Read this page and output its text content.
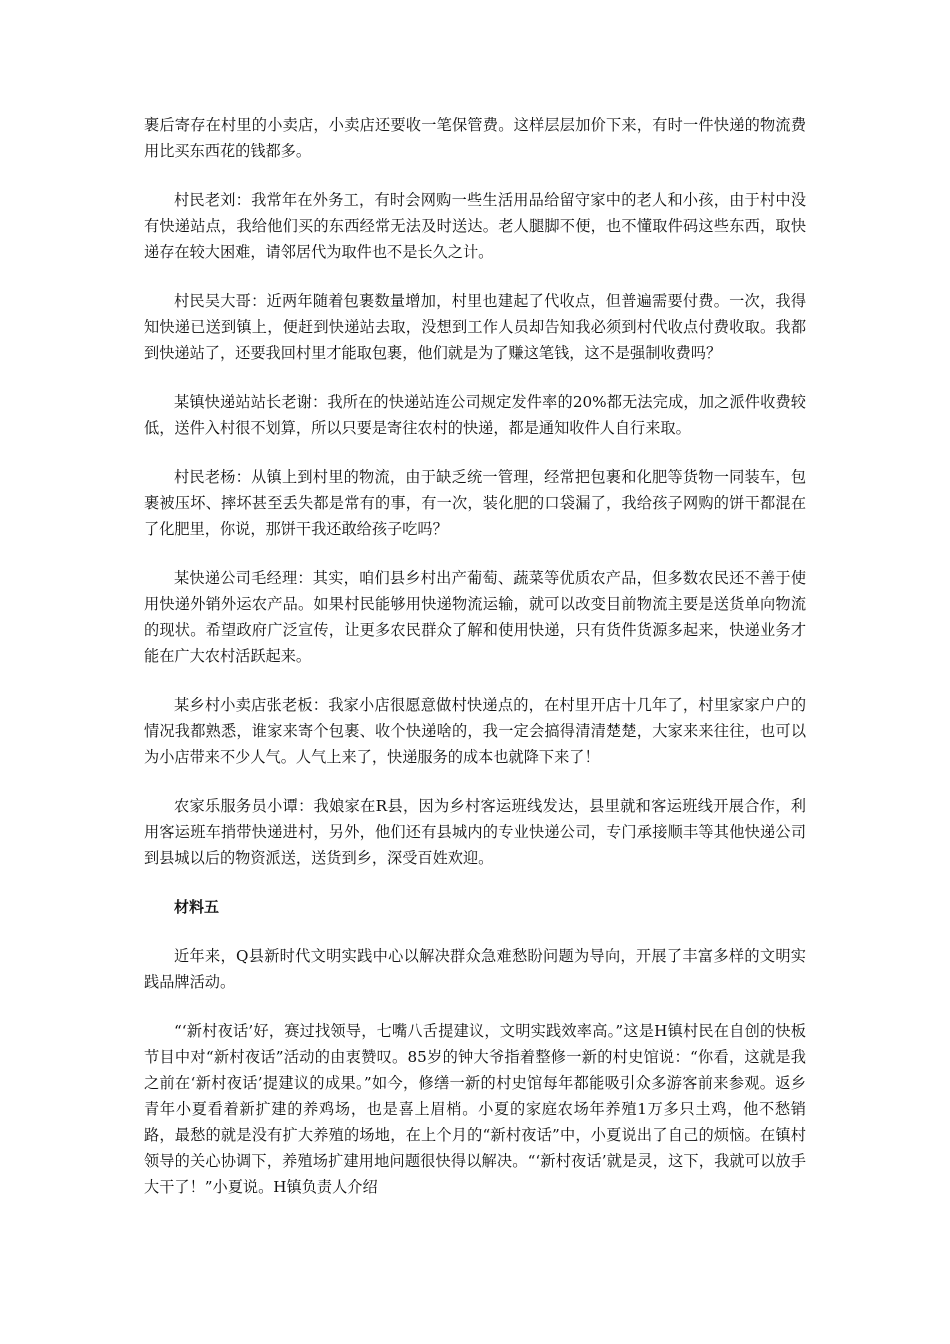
裹后寄存在村里的小卖店，小卖店还要收一笔保管费。这样层层加价下来，有时一件快递的物流费用比买东西花的钱都多。

村民老刘：我常年在外务工，有时会网购一些生活用品给留守家中的老人和小孩，由于村中没有快递站点，我给他们买的东西经常无法及时送达。老人腿脚不便，也不懂取件码这些东西，取快递存在较大困难，请邻居代为取件也不是长久之计。

村民吴大哥：近两年随着包裹数量增加，村里也建起了代收点，但普遍需要付费。一次，我得知快递已送到镇上，便赶到快递站去取，没想到工作人员却告知我必须到村代收点付费收取。我都到快递站了，还要我回村里才能取包裹，他们就是为了赚这笔钱，这不是强制收费吗？

某镇快递站站长老谢：我所在的快递站连公司规定发件率的20%都无法完成，加之派件收费较低，送件入村很不划算，所以只要是寄往农村的快递，都是通知收件人自行来取。

村民老杨：从镇上到村里的物流，由于缺乏统一管理，经常把包裹和化肥等货物一同装车，包裹被压坏、摔坏甚至丢失都是常有的事，有一次，装化肥的口袋漏了，我给孩子网购的饼干都混在了化肥里，你说，那饼干我还敢给孩子吃吗？

某快递公司毛经理：其实，咱们县乡村出产葡萄、蔬菜等优质农产品，但多数农民还不善于使用快递外销外运农产品。如果村民能够用快递物流运输，就可以改变目前物流主要是送货单向物流的现状。希望政府广泛宣传，让更多农民群众了解和使用快递，只有货件货源多起来，快递业务才能在广大农村活跃起来。

某乡村小卖店张老板：我家小店很愿意做村快递点的，在村里开店十几年了，村里家家户户的情况我都熟悉，谁家来寄个包裹、收个快递啥的，我一定会搞得清清楚楚，大家来来往往，也可以为小店带来不少人气。人气上来了，快递服务的成本也就降下来了！

农家乐服务员小谭：我娘家在R县，因为乡村客运班线发达，县里就和客运班线开展合作，利用客运班车捎带快递进村，另外，他们还有县城内的专业快递公司，专门承接顺丰等其他快递公司到县城以后的物资派送，送货到乡，深受百姓欢迎。

材料五

近年来，Q县新时代文明实践中心以解决群众急难愁盼问题为导向，开展了丰富多样的文明实践品牌活动。

“‘新村夜话’好，赛过找领导，七嘴八舌提建议，文明实践效率高。”这是H镇村民在自创的快板节目中对“新村夜话”活动的由衷赞叹。85岁的钟大爷指着整修一新的村史馆说：“你看，这就是我之前在‘新村夜话’提建议的成果。”如今，修缮一新的村史馆每年都能吸引众多游客前来参观。返乡青年小夏看着新扩建的养鸡场，也是喜上眉梢。小夏的家庭农场年养殖1万多只土鸡，他不愁销路，最愁的就是没有扩大养殖的场地，在上个月的“新村夜话”中，小夏说出了自己的烦恼。在镇村领导的关心协调下，养殖场扩建用地问题很快得以解决。“‘新村夜话’就是灵，这下，我就可以放手大干了！”小夏说。H镇负责人介绍
